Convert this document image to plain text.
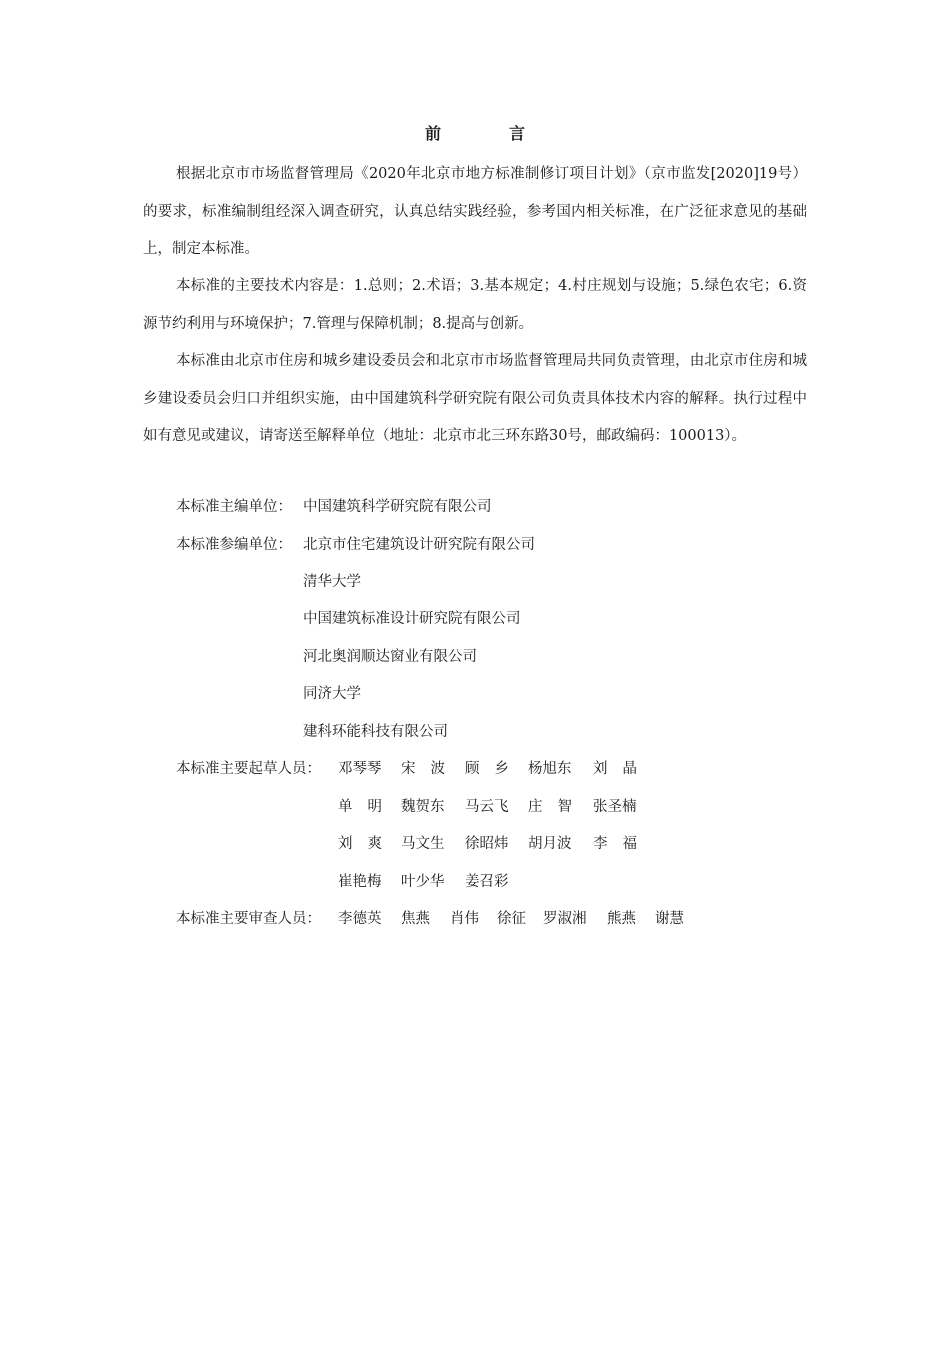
前　言
根据北京市市场监督管理局《2020年北京市地方标准制修订项目计划》（京市监发[2020]19号）的要求，标准编制组经深入调查研究，认真总结实践经验，参考国内相关标准，在广泛征求意见的基础上，制定本标准。
本标准的主要技术内容是：1.总则；2.术语；3.基本规定；4.村庄规划与设施；5.绿色农宅；6.资源节约利用与环境保护；7.管理与保障机制；8.提高与创新。
本标准由北京市住房和城乡建设委员会和北京市市场监督管理局共同负责管理，由北京市住房和城乡建设委员会归口并组织实施，由中国建筑科学研究院有限公司负责具体技术内容的解释。执行过程中如有意见或建议，请寄送至解释单位（地址：北京市北三环东路30号，邮政编码：100013）。
本标准主编单位： 中国建筑科学研究院有限公司
本标准参编单位： 北京市住宅建筑设计研究院有限公司
清华大学
中国建筑标准设计研究院有限公司
河北奥润顺达窗业有限公司
同济大学
建科环能科技有限公司
本标准主要起草人员： 邓琴琴 宋波 顾乡 杨旭东 刘晶
单明 魏贺东 马云飞 庄智 张圣楠
刘爽 马文生 徐昭炜 胡月波 李福
崔艳梅 叶少华 姜召彩
本标准主要审查人员： 李德英 焦燕 肖伟 徐征 罗淑湘 熊燕 谢慧
